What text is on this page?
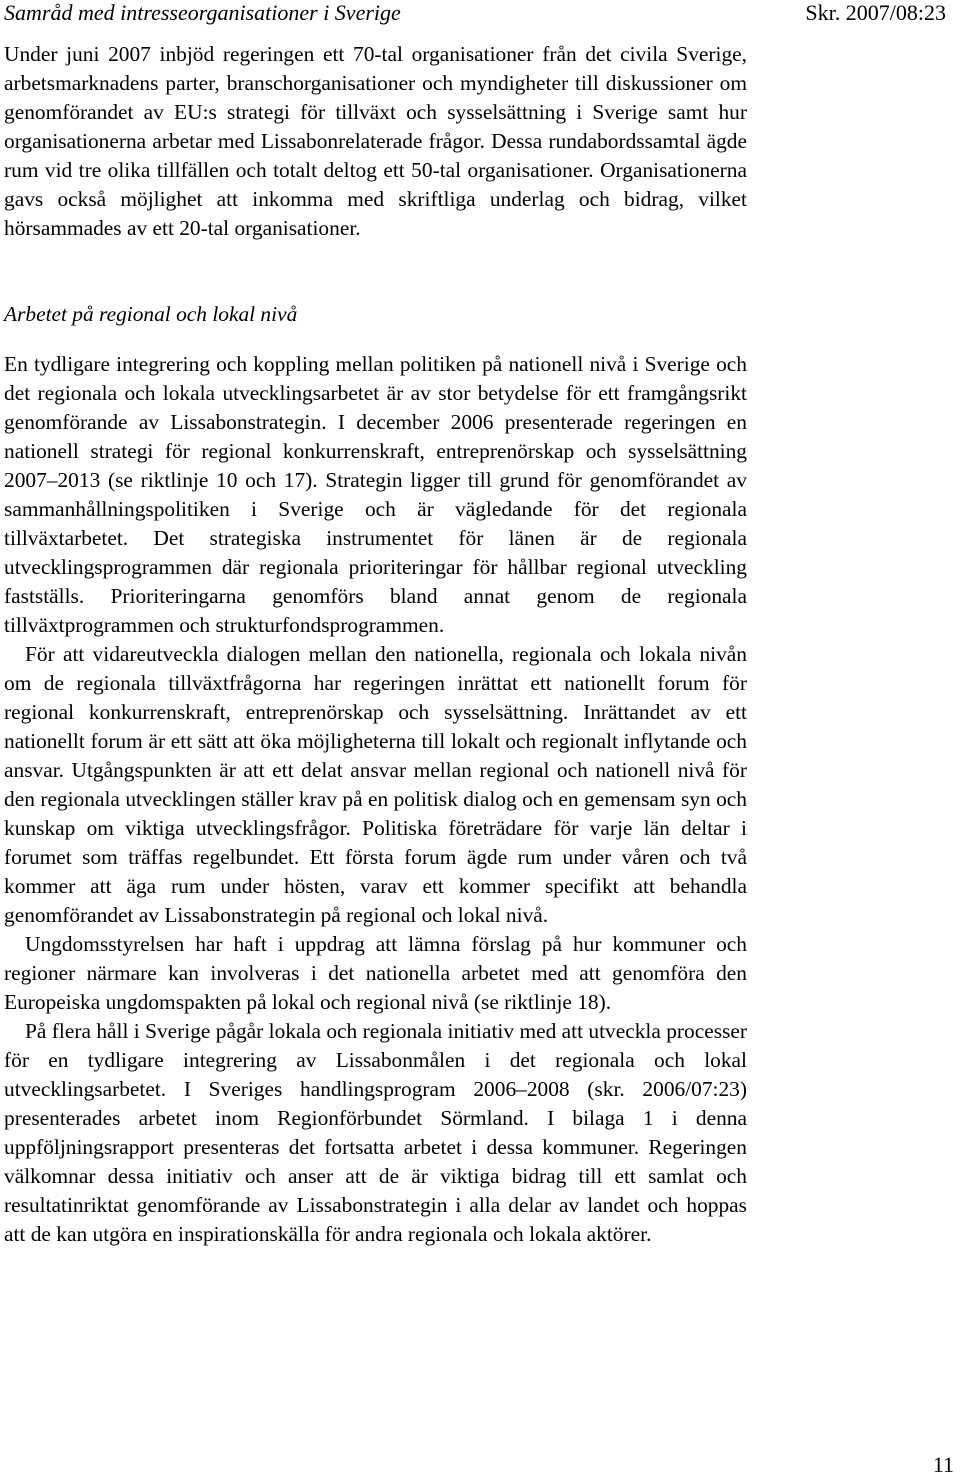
Samråd med intresseorganisationer i Sverige	Skr. 2007/08:23

Under juni 2007 inbjöd regeringen ett 70-tal organisationer från det civila Sverige, arbetsmarknadens parter, branschorganisationer och myndigheter till diskussioner om genomförandet av EU:s strategi för tillväxt och sysselsättning i Sverige samt hur organisationerna arbetar med Lissabonrelaterade frågor. Dessa rundabordssamtal ägde rum vid tre olika tillfällen och totalt deltog ett 50-tal organisationer. Organisationerna gavs också möjlighet att inkomma med skriftliga underlag och bidrag, vilket hörsammades av ett 20-tal organisationer.

Arbetet på regional och lokal nivå

En tydligare integrering och koppling mellan politiken på nationell nivå i Sverige och det regionala och lokala utvecklingsarbetet är av stor betydelse för ett framgångsrikt genomförande av Lissabonstrategin. I december 2006 presenterade regeringen en nationell strategi för regional konkurrenskraft, entreprenörskap och sysselsättning 2007–2013 (se riktlinje 10 och 17). Strategin ligger till grund för genomförandet av sammanhållningspolitiken i Sverige och är vägledande för det regionala tillväxtarbetet. Det strategiska instrumentet för länen är de regionala utvecklingsprogrammen där regionala prioriteringar för hållbar regional utveckling fastställs. Prioriteringarna genomförs bland annat genom de regionala tillväxtprogrammen och strukturfondsprogrammen.

För att vidareutveckla dialogen mellan den nationella, regionala och lokala nivån om de regionala tillväxtfrågorna har regeringen inrättat ett nationellt forum för regional konkurrenskraft, entreprenörskap och sysselsättning. Inrättandet av ett nationellt forum är ett sätt att öka möjligheterna till lokalt och regionalt inflytande och ansvar. Utgångspunkten är att ett delat ansvar mellan regional och nationell nivå för den regionala utvecklingen ställer krav på en politisk dialog och en gemensam syn och kunskap om viktiga utvecklingsfrågor. Politiska företrädare för varje län deltar i forumet som träffas regelbundet. Ett första forum ägde rum under våren och två kommer att äga rum under hösten, varav ett kommer specifikt att behandla genomförandet av Lissabonstrategin på regional och lokal nivå.

Ungdomsstyrelsen har haft i uppdrag att lämna förslag på hur kommuner och regioner närmare kan involveras i det nationella arbetet med att genomföra den Europeiska ungdomspakten på lokal och regional nivå (se riktlinje 18).

På flera håll i Sverige pågår lokala och regionala initiativ med att utveckla processer för en tydligare integrering av Lissabonmålen i det regionala och lokal utvecklingsarbetet. I Sveriges handlingsprogram 2006–2008 (skr. 2006/07:23) presenterades arbetet inom Regionförbundet Sörmland. I bilaga 1 i denna uppföljningsrapport presenteras det fortsatta arbetet i dessa kommuner. Regeringen välkomnar dessa initiativ och anser att de är viktiga bidrag till ett samlat och resultatinriktat genomförande av Lissabonstrategin i alla delar av landet och hoppas att de kan utgöra en inspirationskälla för andra regionala och lokala aktörer.

11
